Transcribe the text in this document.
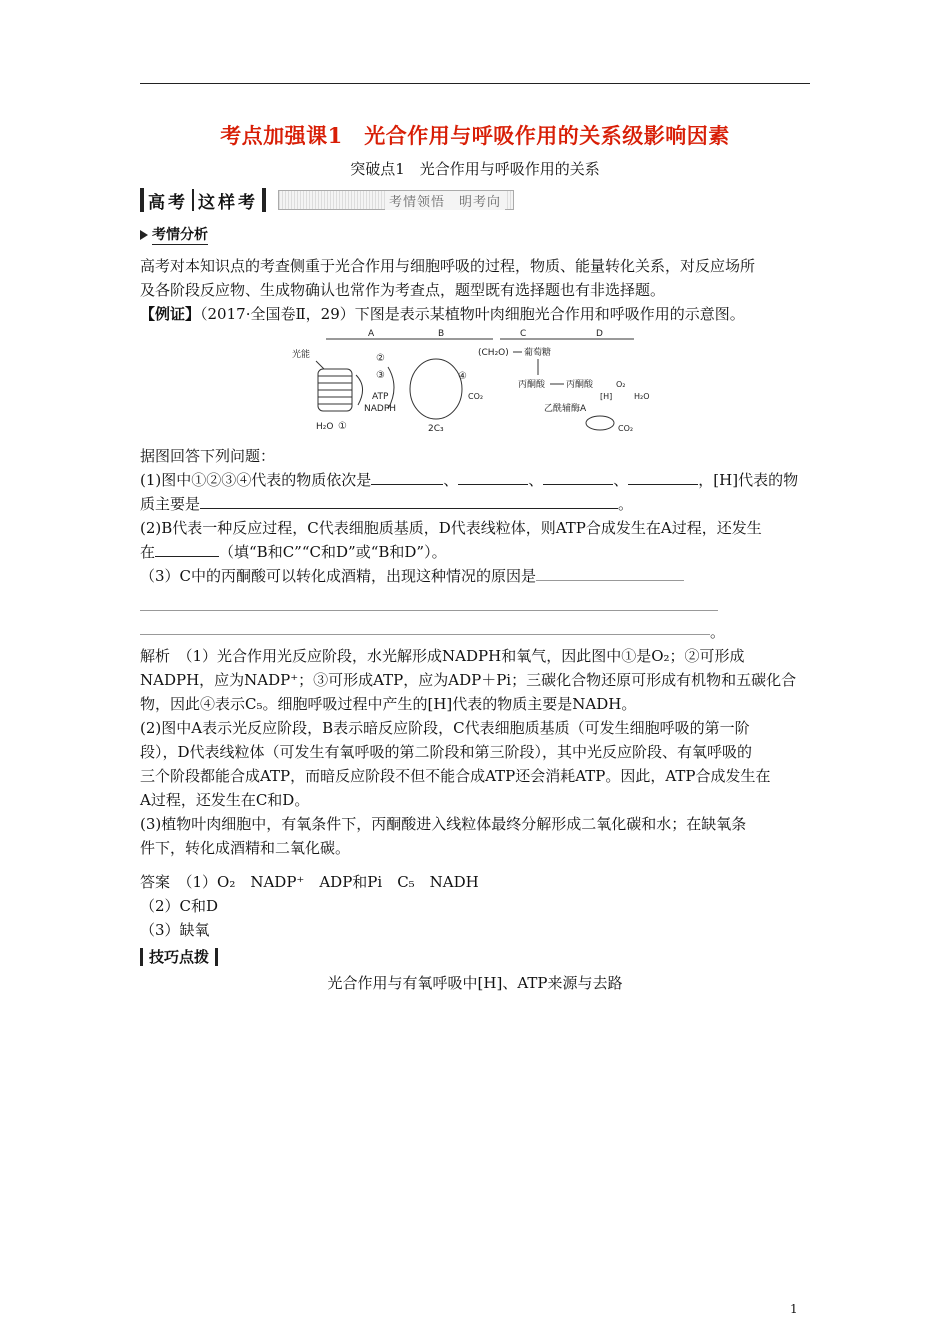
考点加强课1　光合作用与呼吸作用的关系级影响因素
突破点1　光合作用与呼吸作用的关系
高考 这样考	考情领悟　明考向
考情分析
高考对本知识点的考查侧重于光合作用与细胞呼吸的过程，物质、能量转化关系，对反应场所
及各阶段反应物、生成物确认也常作为考查点，题型既有选择题也有非选择题。
【例证】（2017·全国卷Ⅱ，29）下图是表示某植物叶肉细胞光合作用和呼吸作用的示意图。
A	B	C	D
光能
H₂O ①
②
③
ATP
NADPH
④
2C₃
CO₂
(CH₂O) 葡萄糖
丙酮酸 丙酮酸
[H]
O₂
H₂O
乙酰辅酶A
CO₂
据图回答下列问题：
(1)图中①②③④代表的物质依次是	、	、	、	，[H]代表的物
质主要是	。
(2)B代表一种反应过程，C代表细胞质基质，D代表线粒体，则ATP合成发生在A过程，还发生
在	（填“B和C”“C和D”或“B和D”）。
（3）C中的丙酮酸可以转化成酒精，出现这种情况的原因是
。
解析　（1）光合作用光反应阶段，水光解形成NADPH和氧气，因此图中①是O₂；②可形成
NADPH，应为NADP⁺；③可形成ATP，应为ADP＋Pi；三碳化合物还原可形成有机物和五碳化合
物，因此④表示C₅。细胞呼吸过程中产生的[H]代表的物质主要是NADH。
(2)图中A表示光反应阶段，B表示暗反应阶段，C代表细胞质基质（可发生细胞呼吸的第一阶
段），D代表线粒体（可发生有氧呼吸的第二阶段和第三阶段），其中光反应阶段、有氧呼吸的
三个阶段都能合成ATP，而暗反应阶段不但不能合成ATP还会消耗ATP。因此，ATP合成发生在
A过程，还发生在C和D。
(3)植物叶肉细胞中，有氧条件下，丙酮酸进入线粒体最终分解形成二氧化碳和水；在缺氧条
件下，转化成酒精和二氧化碳。
答案　（1）O₂　NADP⁺　ADP和Pi　C₅　NADH
（2）C和D
（3）缺氧
技巧点拨
光合作用与有氧呼吸中[H]、ATP来源与去路
1
